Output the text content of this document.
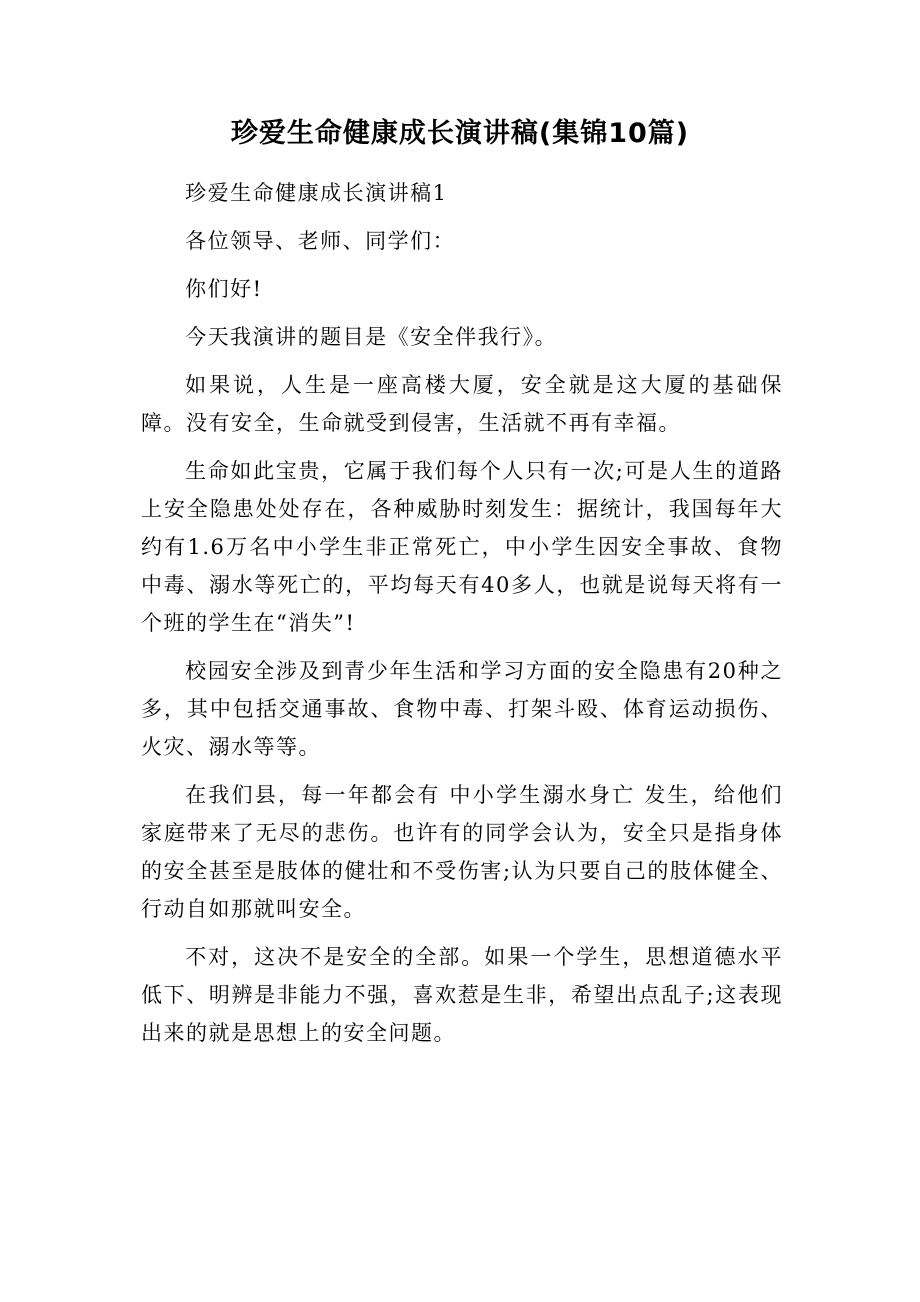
珍爱生命健康成长演讲稿(集锦10篇)

珍爱生命健康成长演讲稿1

各位领导、老师、同学们：

你们好!

今天我演讲的题目是《安全伴我行》。

如果说，人生是一座高楼大厦，安全就是这大厦的基础保障。没有安全，生命就受到侵害，生活就不再有幸福。

生命如此宝贵，它属于我们每个人只有一次;可是人生的道路上安全隐患处处存在，各种威胁时刻发生：据统计，我国每年大约有1.6万名中小学生非正常死亡，中小学生因安全事故、食物中毒、溺水等死亡的，平均每天有40多人，也就是说每天将有一个班的学生在“消失”!

校园安全涉及到青少年生活和学习方面的安全隐患有20种之多，其中包括交通事故、食物中毒、打架斗殴、体育运动损伤、火灾、溺水等等。

在我们县，每一年都会有 中小学生溺水身亡 发生，给他们家庭带来了无尽的悲伤。也许有的同学会认为，安全只是指身体的安全甚至是肢体的健壮和不受伤害;认为只要自己的肢体健全、行动自如那就叫安全。

不对，这决不是安全的全部。如果一个学生，思想道德水平低下、明辨是非能力不强，喜欢惹是生非，希望出点乱子;这表现出来的就是思想上的安全问题。
